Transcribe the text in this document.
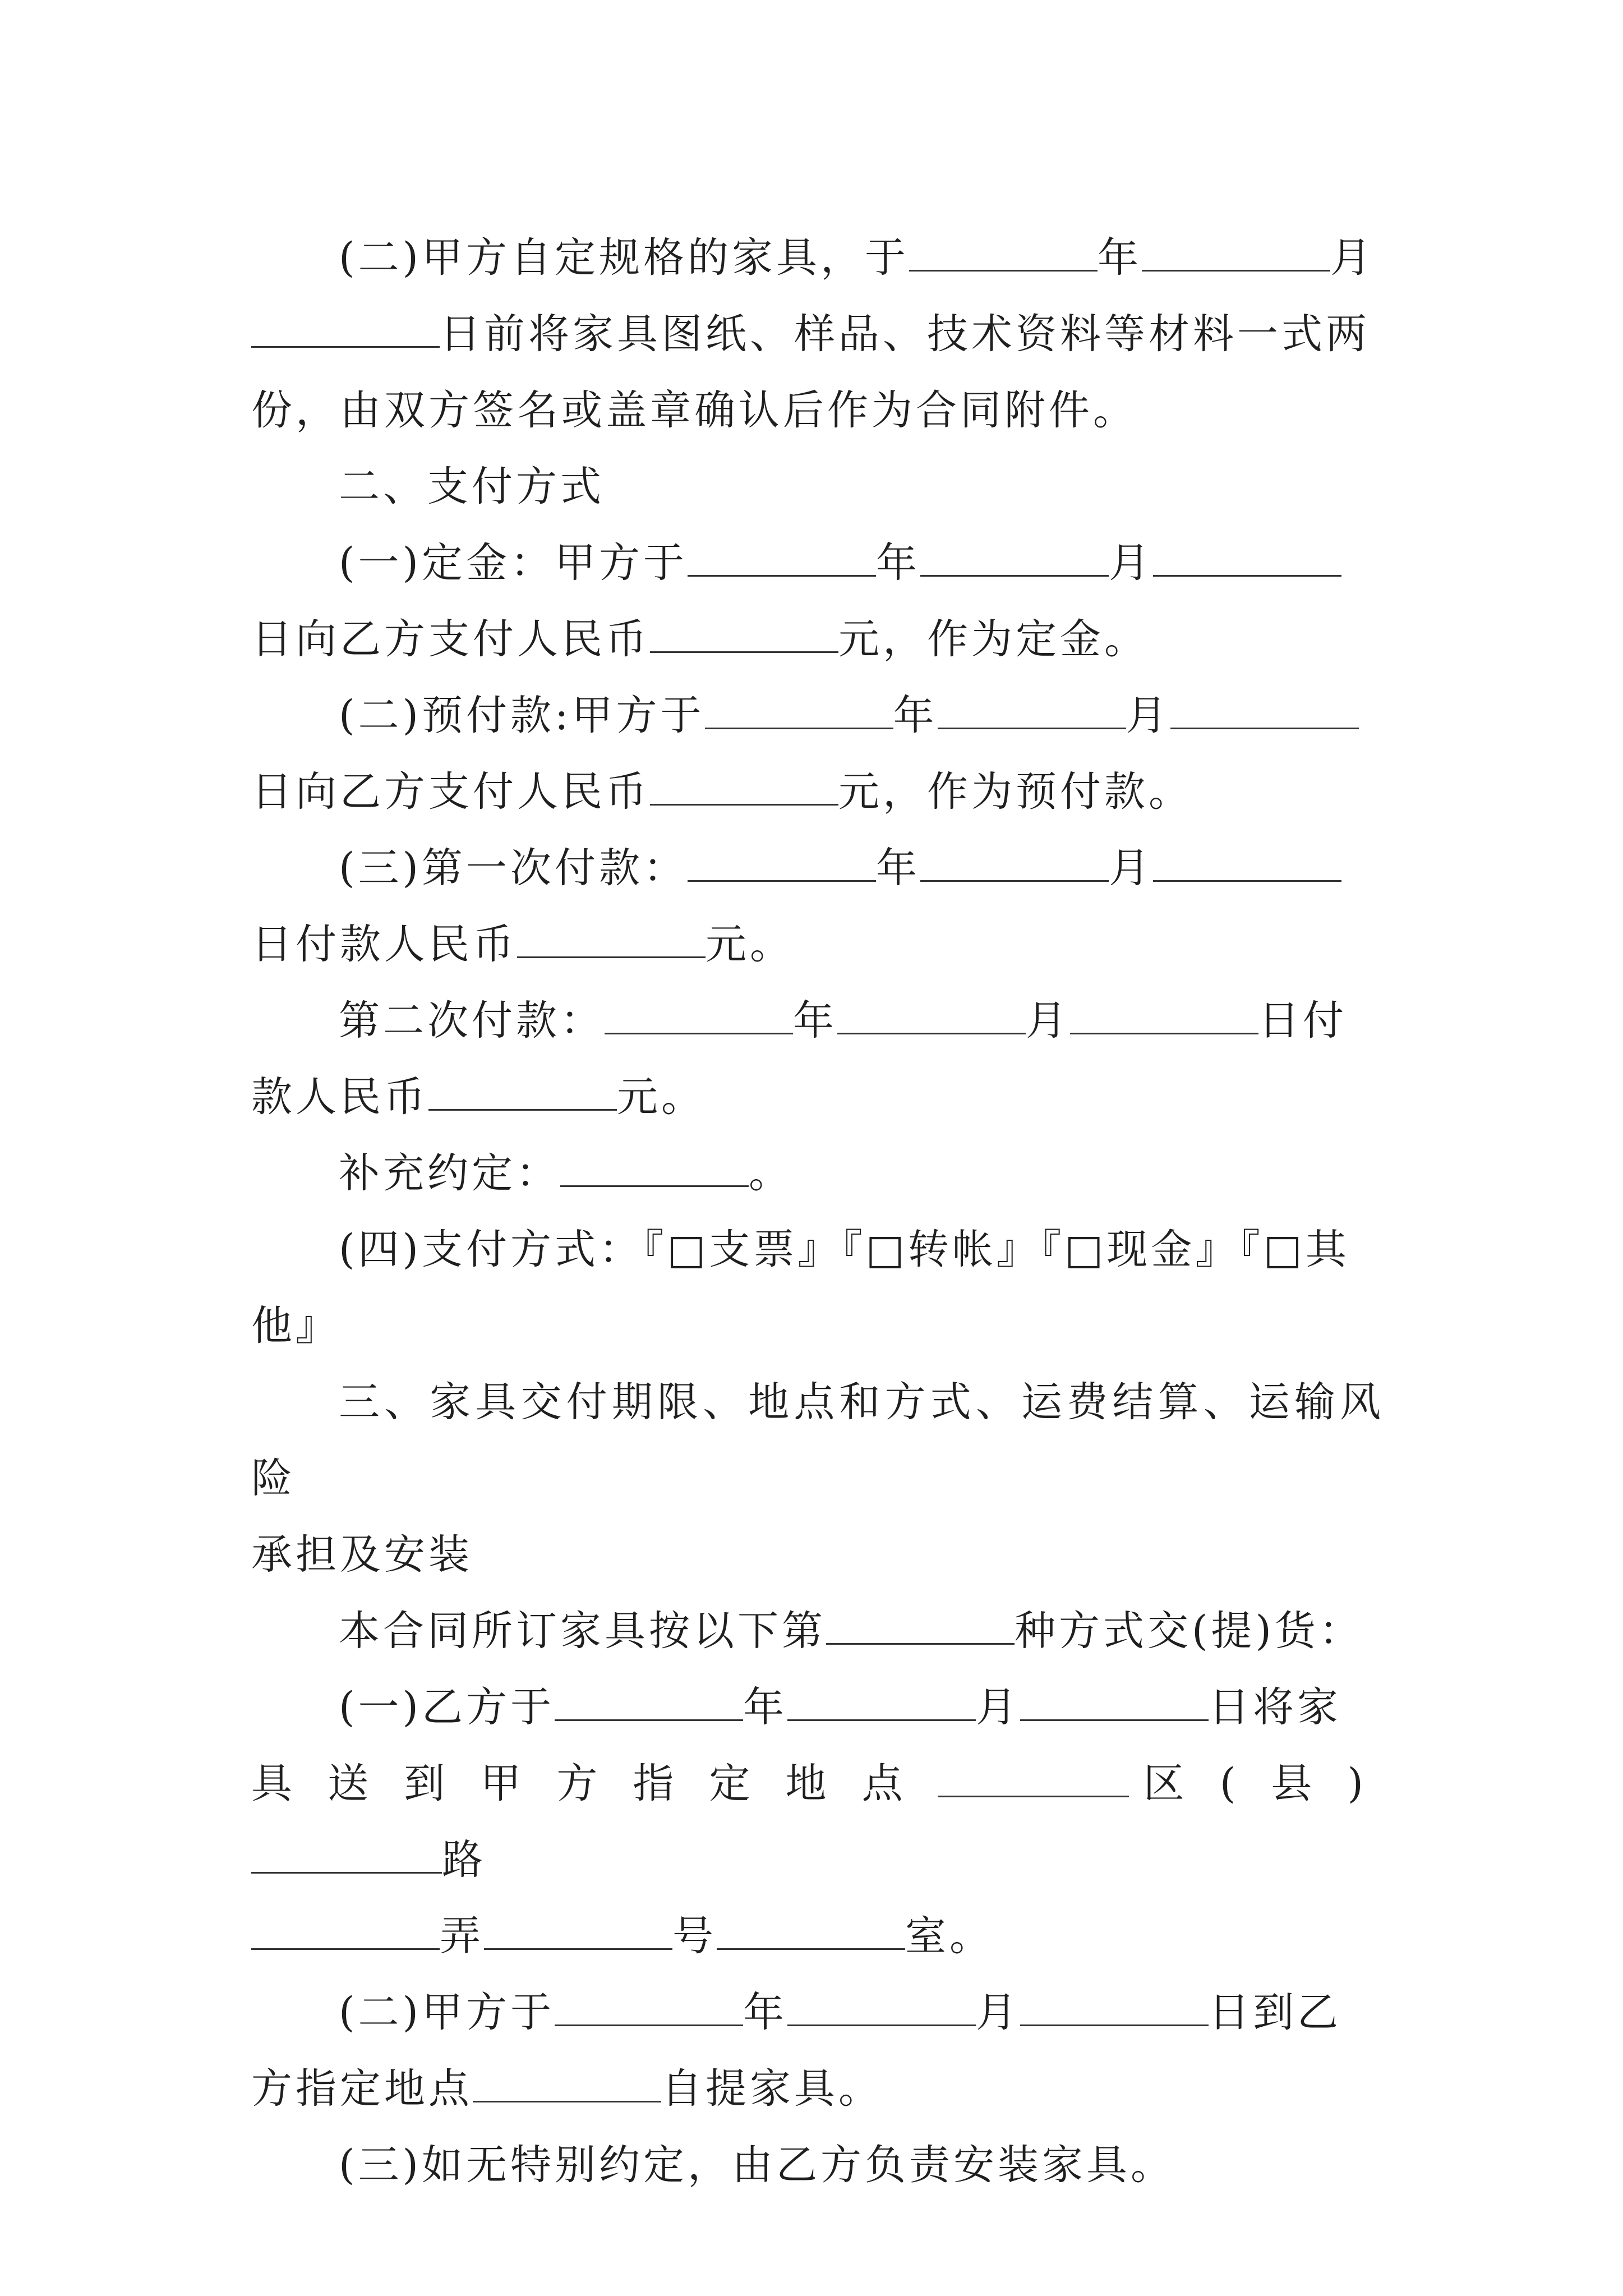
(二)甲方自定规格的家具，于	年	月

日前将家具图纸、样品、技术资料等材料一式两

份，由双方签名或盖章确认后作为合同附件。

二、支付方式

(一)定金：甲方于	年	月

日向乙方支付人民币	元，作为定金。

(二)预付款:甲方于	年	月

日向乙方支付人民币	元，作为预付款。

(三)第一次付款：	年	月

日付款人民币	元。

第二次付款：	年	月	日付

款人民币	元。

补充约定：	。

(四)支付方式：『□支票』『□转帐』『□现金』『□其

他』

三、家具交付期限、地点和方式、运费结算、运输风险

承担及安装

本合同所订家具按以下第	种方式交(提)货：

(一)乙方于	年	月	日将家

具送到甲方指定地点	区(县)路

弄	号	室。

(二)甲方于	年	月	日到乙

方指定地点	自提家具。

(三)如无特别约定，由乙方负责安装家具。
